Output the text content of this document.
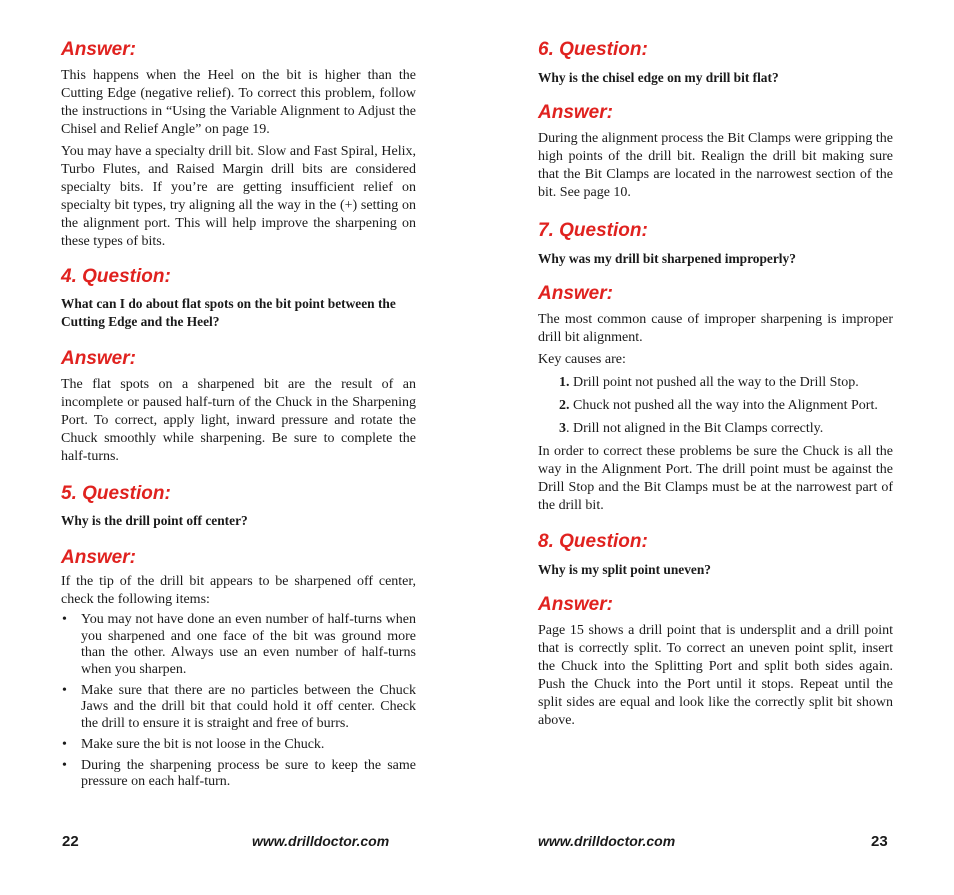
Answer:

This happens when the Heel on the bit is higher than the Cutting Edge (negative relief). To correct this problem, follow the instructions in “Using the Variable Alignment to Adjust the Chisel and Relief Angle” on page 19.

You may have a specialty drill bit. Slow and Fast Spiral, Helix, Turbo Flutes, and Raised Margin drill bits are considered specialty bits. If you’re are getting insufficient relief on specialty bit types, try aligning all the way in the (+) setting on the alignment port. This will help improve the sharpening on these types of bits.

4. Question:

What can I do about flat spots on the bit point between the Cutting Edge and the Heel?

Answer:

The flat spots on a sharpened bit are the result of an incomplete or paused half-turn of the Chuck in the Sharpening Port. To correct, apply light, inward pressure and rotate the Chuck smoothly while sharpening. Be sure to complete the half-turns.

5. Question:

Why is the drill point off center?

Answer:

If the tip of the drill bit appears to be sharpened off center, check the following items:

• You may not have done an even number of half-turns when you sharpened and one face of the bit was ground more than the other. Always use an even number of half-turns when you sharpen.
• Make sure that there are no particles between the Chuck Jaws and the drill bit that could hold it off center. Check the drill to ensure it is straight and free of burrs.
• Make sure the bit is not loose in the Chuck.
• During the sharpening process be sure to keep the same pressure on each half-turn.
22	www.drilldoctor.com
6. Question:

Why is the chisel edge on my drill bit flat?

Answer:

During the alignment process the Bit Clamps were gripping the high points of the drill bit. Realign the drill bit making sure that the Bit Clamps are located in the narrowest section of the bit. See page 10.

7. Question:

Why was my drill bit sharpened improperly?

Answer:

The most common cause of improper sharpening is improper drill bit alignment.

Key causes are:

1. Drill point not pushed all the way to the Drill Stop.
2. Chuck not pushed all the way into the Alignment Port.
3. Drill not aligned in the Bit Clamps correctly.

In order to correct these problems be sure the Chuck is all the way in the Alignment Port. The drill point must be against the Drill Stop and the Bit Clamps must be at the narrowest part of the drill bit.

8. Question:

Why is my split point uneven?

Answer:

Page 15 shows a drill point that is undersplit and a drill point that is correctly split. To correct an uneven point split, insert the Chuck into the Splitting Port and split both sides again. Push the Chuck into the Port until it stops. Repeat until the split sides are equal and look like the correctly split bit shown above.

www.drilldoctor.com	23
